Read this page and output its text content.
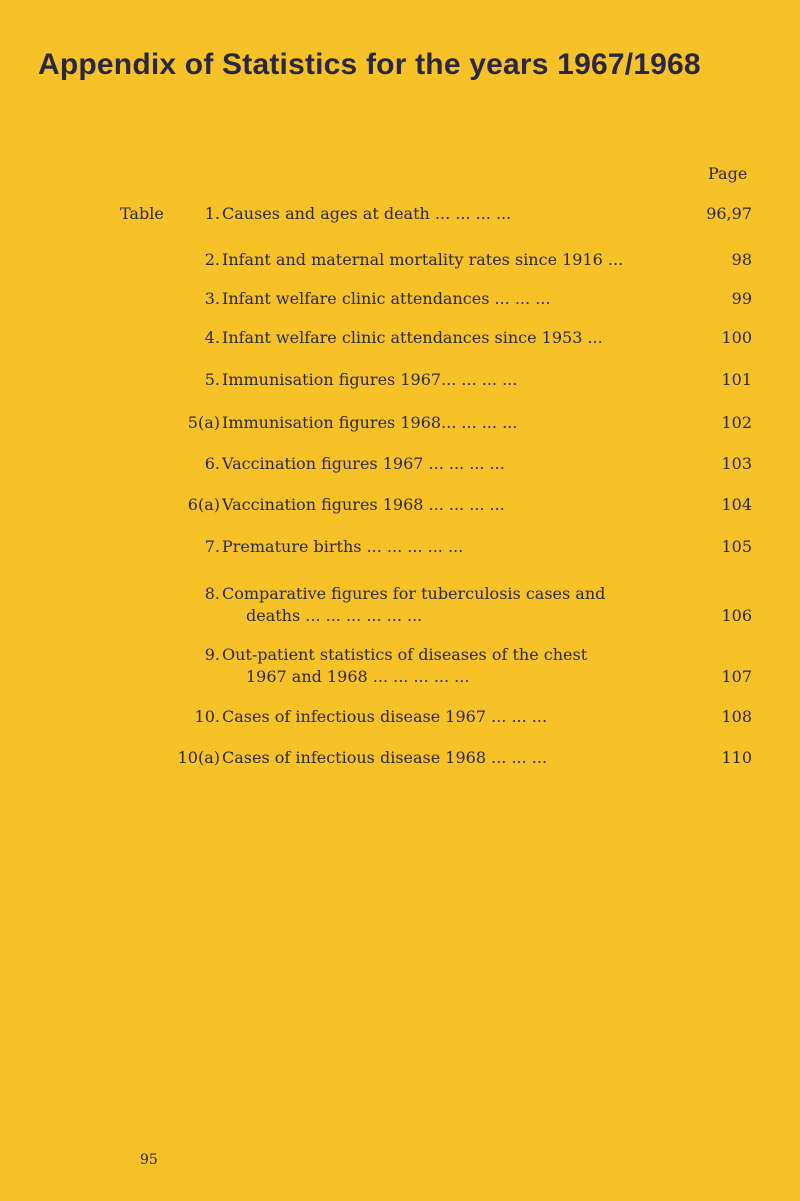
Appendix of Statistics for the years 1967/1968
Page
Table	1. Causes and ages at death ... ... ... ...	96,97
2. Infant and maternal mortality rates since 1916 ...	98
3. Infant welfare clinic attendances ... ... ...	99
4. Infant welfare clinic attendances since 1953 ...	100
5. Immunisation figures 1967... ... ... ...	101
5(a) Immunisation figures 1968... ... ... ...	102
6. Vaccination figures 1967 ... ... ... ...	103
6(a) Vaccination figures 1968 ... ... ... ...	104
7. Premature births ... ... ... ... ...	105
8. Comparative figures for tuberculosis cases and
deaths ... ... ... ... ... ...	106
9. Out-patient statistics of diseases of the chest
1967 and 1968 ... ... ... ... ...	107
10. Cases of infectious disease 1967 ... ... ...	108
10(a) Cases of infectious disease 1968 ... ... ...	110
95
